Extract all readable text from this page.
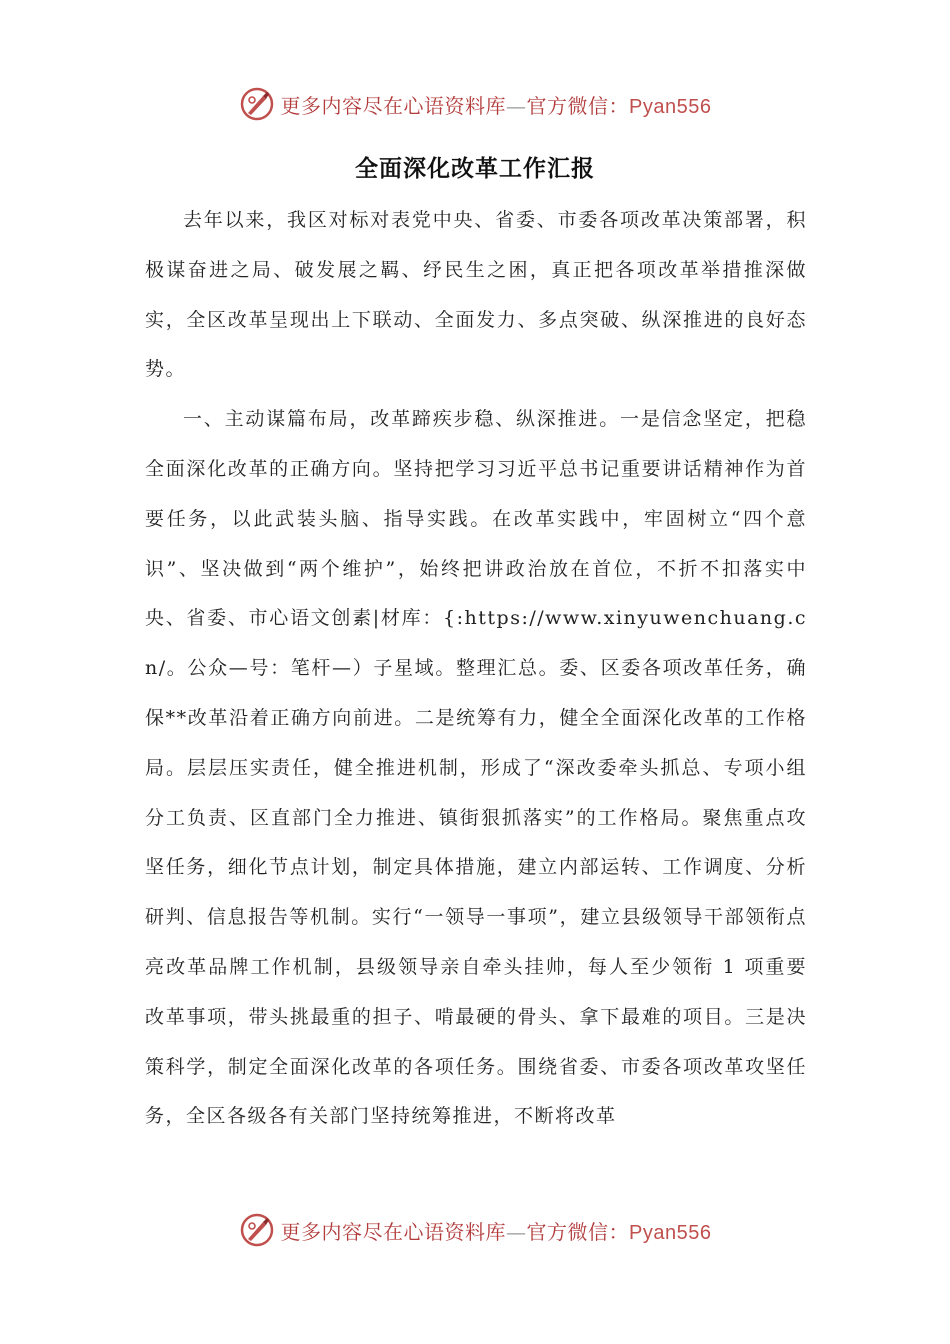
更多内容尽在心语资料库—官方微信：Pyan556
全面深化改革工作汇报

去年以来，我区对标对表党中央、省委、市委各项改革决策部署，积极谋奋进之局、破发展之羁、纾民生之困，真正把各项改革举措推深做实，全区改革呈现出上下联动、全面发力、多点突破、纵深推进的良好态势。

一、主动谋篇布局，改革蹄疾步稳、纵深推进。一是信念坚定，把稳全面深化改革的正确方向。坚持把学习习近平总书记重要讲话精神作为首要任务，以此武装头脑、指导实践。在改革实践中，牢固树立“四个意识”、坚决做到“两个维护”，始终把讲政治放在首位，不折不扣落实中央、省委、市心语文创素|材库：{:https://www.xinyuwenchuang.cn/。公众—号：笔杆—）子星域。整理汇总。委、区委各项改革任务，确保**改革沿着正确方向前进。二是统筹有力，健全全面深化改革的工作格局。层层压实责任，健全推进机制，形成了“深改委牵头抓总、专项小组分工负责、区直部门全力推进、镇街狠抓落实”的工作格局。聚焦重点攻坚任务，细化节点计划，制定具体措施，建立内部运转、工作调度、分析研判、信息报告等机制。实行“一领导一事项”，建立县级领导干部领衔点亮改革品牌工作机制，县级领导亲自牵头挂帅，每人至少领衔 1 项重要改革事项，带头挑最重的担子、啃最硬的骨头、拿下最难的项目。三是决策科学，制定全面深化改革的各项任务。围绕省委、市委各项改革攻坚任务，全区各级各有关部门坚持统筹推进，不断将改革

更多内容尽在心语资料库—官方微信：Pyan556
